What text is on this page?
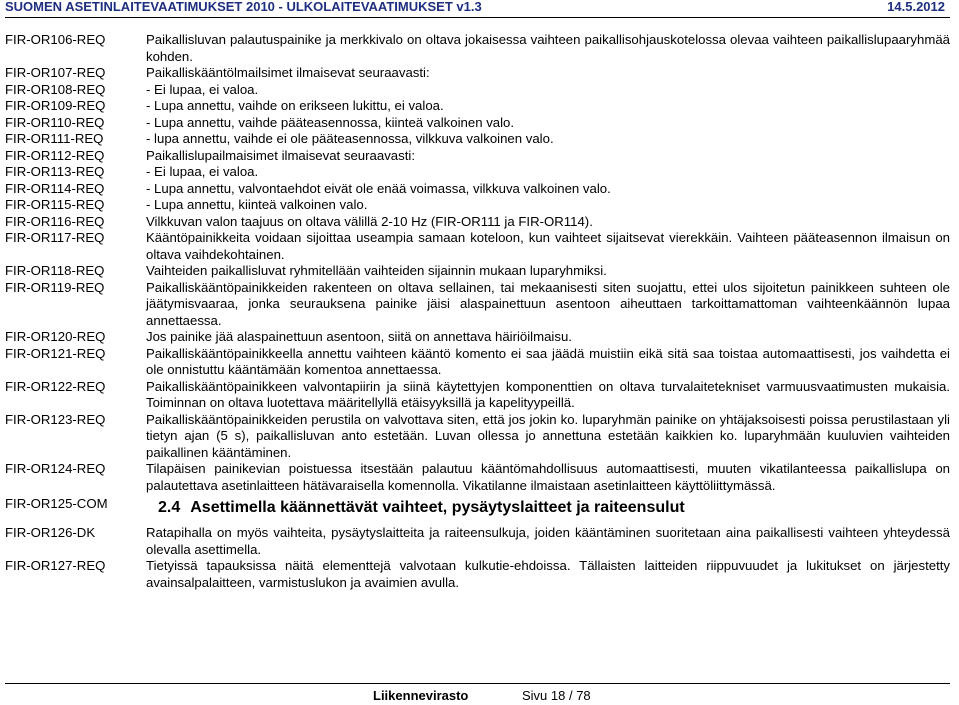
SUOMEN ASETINLAITEVAATIMUKSET 2010 - ULKOLAITEVAATIMUKSET v1.3	14.5.2012
FIR-OR106-REQ	Paikallisluvan palautuspainike ja merkkivalo on oltava jokaisessa vaihteen paikallisohjauskotelossa olevaa vaihteen paikallislupaaryhmää kohden.
FIR-OR107-REQ	Paikalliskääntölmailsimet ilmaisevat seuraavasti:
FIR-OR108-REQ	- Ei lupaa, ei valoa.
FIR-OR109-REQ	- Lupa annettu, vaihde on erikseen lukittu, ei valoa.
FIR-OR110-REQ	- Lupa annettu, vaihde pääteasennossa, kiinteä valkoinen valo.
FIR-OR111-REQ	- lupa annettu, vaihde ei ole pääteasennossa, vilkkuva valkoinen valo.
FIR-OR112-REQ	Paikallislupailmaisimet ilmaisevat seuraavasti:
FIR-OR113-REQ	- Ei lupaa, ei valoa.
FIR-OR114-REQ	- Lupa annettu, valvontaehdot eivät ole enää voimassa, vilkkuva valkoinen valo.
FIR-OR115-REQ	- Lupa annettu, kiinteä valkoinen valo.
FIR-OR116-REQ	Vilkkuvan valon taajuus on oltava välillä 2-10 Hz (FIR-OR111 ja FIR-OR114).
FIR-OR117-REQ	Kääntöpainikkeita voidaan sijoittaa useampia samaan koteloon, kun vaihteet sijaitsevat vierekkäin. Vaihteen pääteasennon ilmaisun on oltava vaihdekohtainen.
FIR-OR118-REQ	Vaihteiden paikallisluvat ryhmitellään vaihteiden sijainnin mukaan luparyhmiksi.
FIR-OR119-REQ	Paikalliskääntöpainikkeiden rakenteen on oltava sellainen, tai mekaanisesti siten suojattu, ettei ulos sijoitetun painikkeen suhteen ole jäätymisvaaraa, jonka seurauksena painike jäisi alaspainettuun asentoon aiheuttaen tarkoittamattoman vaihteenkäännön lupaa annettaessa.
FIR-OR120-REQ	Jos painike jää alaspainettuun asentoon, siitä on annettava häiriöilmaisu.
FIR-OR121-REQ	Paikalliskääntöpainikkeella annettu vaihteen kääntö komento ei saa jäädä muistiin eikä sitä saa toistaa automaattisesti, jos vaihdetta ei ole onnistuttu kääntämään komentoa annettaessa.
FIR-OR122-REQ	Paikalliskääntöpainikkeen valvontapiirin ja siinä käytettyjen komponenttien on oltava turvalaitetekniset varmuusvaatimusten mukaisia. Toiminnan on oltava luotettava määritellyllä etäisyyksillä ja kapelityypeillä.
FIR-OR123-REQ	Paikalliskääntöpainikkeiden perustila on valvottava siten, että jos jokin ko. luparyhmän painike on yhtäjaksoisesti poissa perustilastaan yli tietyn ajan (5 s), paikallisluvan anto estetään. Luvan ollessa jo annettuna estetään kaikkien ko. luparyhmään kuuluvien vaihteiden paikallinen kääntäminen.
FIR-OR124-REQ	Tilapäisen painikevian poistuessa itsestään palautuu kääntömahdollisuus automaattisesti, muuten vikatilanteessa paikallislupa on palautettava asetinlaitteen hätävaraisella komennolla. Vikatilanne ilmaistaan asetinlaitteen käyttöliittymässä.
FIR-OR125-COM	2.4 Asettimella käännettävät vaihteet, pysäytyslaitteet ja raiteensulut

FIR-OR126-DK	Ratapihalla on myös vaihteita, pysäytyslaitteita ja raiteensulkuja, joiden kääntäminen suoritetaan aina paikallisesti vaihteen yhteydessä olevalla asettimella.
FIR-OR127-REQ	Tietyissä tapauksissa näitä elementtejä valvotaan kulkutie-ehdoissa. Tällaisten laitteiden riippuvuudet ja lukitukset on järjestetty avainsalpalaitteen, varmistuslukon ja avaimien avulla.
Liikennevirasto	Sivu 18 / 78
